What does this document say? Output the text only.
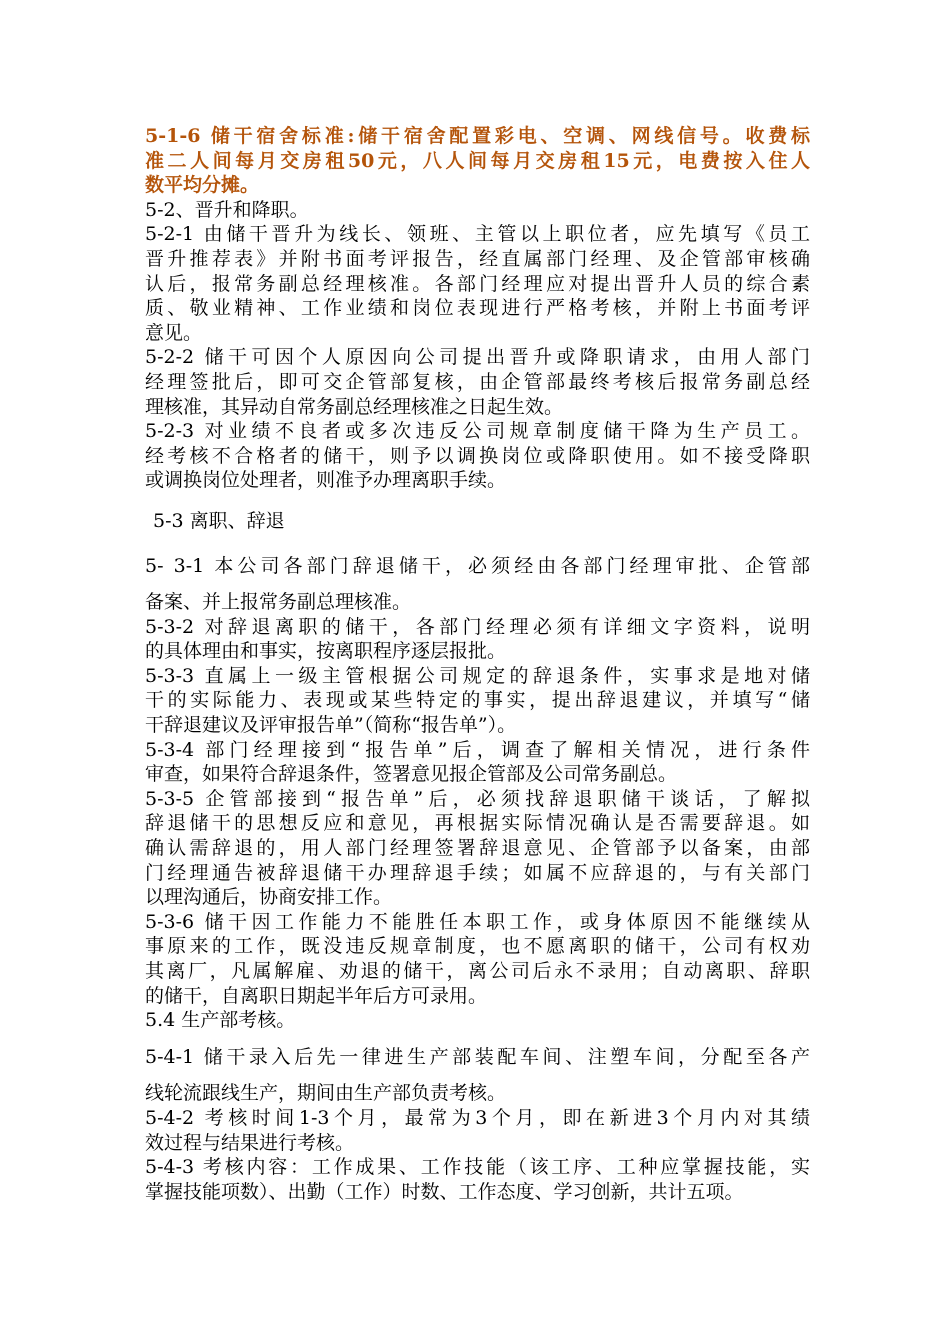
5-1-6 储干宿舍标准:储干宿舍配置彩电、空调、网线信号。收费标
准二人间每月交房租50元，八人间每月交房租15元，电费按入住人
数平均分摊。
5-2、晋升和降职。
5-2-1 由储干晋升为线长、领班、主管以上职位者，应先填写《员工
晋升推荐表》并附书面考评报告，经直属部门经理、及企管部审核确
认后，报常务副总经理核准。各部门经理应对提出晋升人员的综合素
质、敬业精神、工作业绩和岗位表现进行严格考核，并附上书面考评
意见。
5-2-2 储干可因个人原因向公司提出晋升或降职请求，由用人部门
经理签批后，即可交企管部复核，由企管部最终考核后报常务副总经
理核准，其异动自常务副总经理核准之日起生效。
5-2-3 对业绩不良者或多次违反公司规章制度储干降为生产员工。
经考核不合格者的储干，则予以调换岗位或降职使用。如不接受降职
或调换岗位处理者，则准予办理离职手续。
5-3 离职、辞退
5- 3-1 本公司各部门辞退储干，必须经由各部门经理审批、企管部
备案、并上报常务副总理核准。
5-3-2 对辞退离职的储干，各部门经理必须有详细文字资料，说明
的具体理由和事实，按离职程序逐层报批。
5-3-3 直属上一级主管根据公司规定的辞退条件，实事求是地对储
干的实际能力、表现或某些特定的事实，提出辞退建议，并填写“储
干辞退建议及评审报告单”（简称“报告单”）。
5-3-4 部门经理接到“报告单”后，调查了解相关情况，进行条件
审查，如果符合辞退条件，签署意见报企管部及公司常务副总。
5-3-5 企管部接到“报告单”后，必须找辞退职储干谈话，了解拟
辞退储干的思想反应和意见，再根据实际情况确认是否需要辞退。如
确认需辞退的，用人部门经理签署辞退意见、企管部予以备案，由部
门经理通告被辞退储干办理辞退手续；如属不应辞退的，与有关部门
以理沟通后，协商安排工作。
5-3-6 储干因工作能力不能胜任本职工作，或身体原因不能继续从
事原来的工作，既没违反规章制度，也不愿离职的储干，公司有权劝
其离厂，凡属解雇、劝退的储干，离公司后永不录用；自动离职、辞职
的储干，自离职日期起半年后方可录用。
5.4 生产部考核。
5-4-1 储干录入后先一律进生产部装配车间、注塑车间，分配至各产
线轮流跟线生产，期间由生产部负责考核。
5-4-2 考核时间1-3个月，最常为3个月，即在新进3个月内对其绩
效过程与结果进行考核。
5-4-3 考核内容：工作成果、工作技能（该工序、工种应掌握技能，实
掌握技能项数）、出勤（工作）时数、工作态度、学习创新，共计五项。
